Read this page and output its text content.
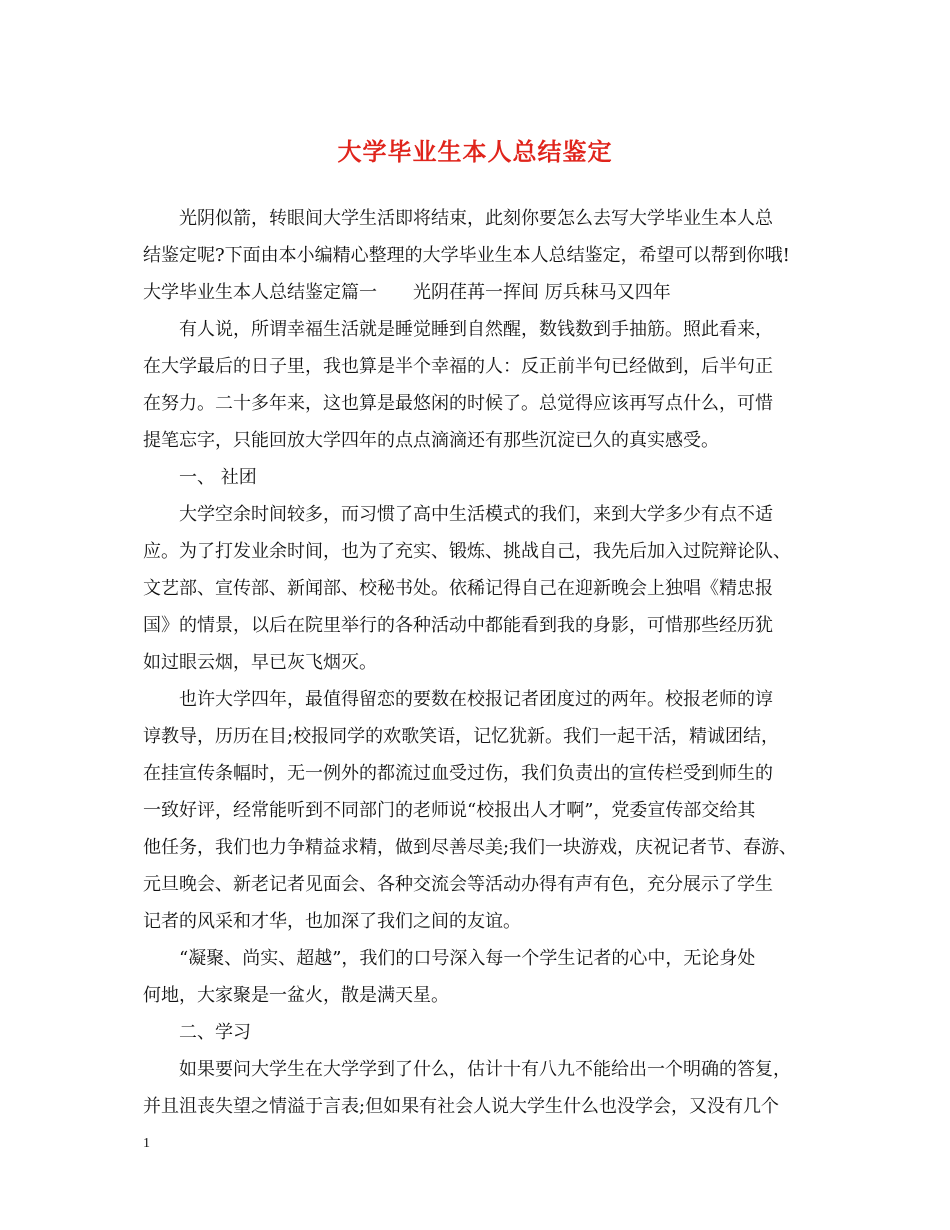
大学毕业生本人总结鉴定
光阴似箭，转眼间大学生活即将结束，此刻你要怎么去写大学毕业生本人总
结鉴定呢?下面由本小编精心整理的大学毕业生本人总结鉴定，希望可以帮到你哦!
大学毕业生本人总结鉴定篇一　　光阴荏苒一挥间 厉兵秣马又四年
有人说，所谓幸福生活就是睡觉睡到自然醒，数钱数到手抽筋。照此看来，
在大学最后的日子里，我也算是半个幸福的人：反正前半句已经做到，后半句正
在努力。二十多年来，这也算是最悠闲的时候了。总觉得应该再写点什么，可惜
提笔忘字，只能回放大学四年的点点滴滴还有那些沉淀已久的真实感受。
一、 社团
大学空余时间较多，而习惯了高中生活模式的我们，来到大学多少有点不适
应。为了打发业余时间，也为了充实、锻炼、挑战自己，我先后加入过院辩论队、
文艺部、宣传部、新闻部、校秘书处。依稀记得自己在迎新晚会上独唱《精忠报
国》的情景，以后在院里举行的各种活动中都能看到我的身影，可惜那些经历犹
如过眼云烟，早已灰飞烟灭。
也许大学四年，最值得留恋的要数在校报记者团度过的两年。校报老师的谆
谆教导，历历在目;校报同学的欢歌笑语，记忆犹新。我们一起干活，精诚团结，
在挂宣传条幅时，无一例外的都流过血受过伤，我们负责出的宣传栏受到师生的
一致好评，经常能听到不同部门的老师说“校报出人才啊”，党委宣传部交给其
他任务，我们也力争精益求精，做到尽善尽美;我们一块游戏，庆祝记者节、春游、
元旦晚会、新老记者见面会、各种交流会等活动办得有声有色，充分展示了学生
记者的风采和才华，也加深了我们之间的友谊。
“凝聚、尚实、超越”，我们的口号深入每一个学生记者的心中，无论身处
何地，大家聚是一盆火，散是满天星。
二、学习
如果要问大学生在大学学到了什么，估计十有八九不能给出一个明确的答复，
并且沮丧失望之情溢于言表;但如果有社会人说大学生什么也没学会，又没有几个
1
